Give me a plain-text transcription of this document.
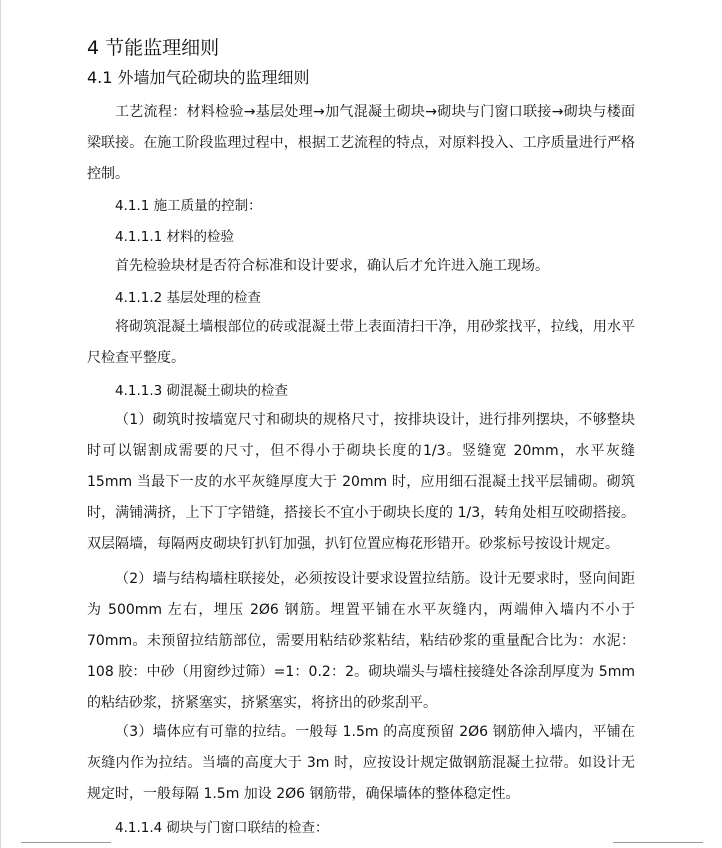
4 节能监理细则
4.1 外墙加气砼砌块的监理细则

工艺流程：材料检验→基层处理→加气混凝土砌块→砌块与门窗口联接→砌块与楼面梁联接。在施工阶段监理过程中，根据工艺流程的特点，对原料投入、工序质量进行严格控制。

4.1.1 施工质量的控制：
4.1.1.1 材料的检验

首先检验块材是否符合标准和设计要求，确认后才允许进入施工现场。

4.1.1.2 基层处理的检查

将砌筑混凝土墙根部位的砖或混凝土带上表面清扫干净，用砂浆找平，拉线，用水平尺检查平整度。

4.1.1.3 砌混凝土砌块的检查

（1）砌筑时按墙宽尺寸和砌块的规格尺寸，按排块设计，进行排列摆块，不够整块时可以锯割成需要的尺寸，但不得小于砌块长度的1/3。竖缝宽 20mm，水平灰缝 15mm 当最下一皮的水平灰缝厚度大于 20mm 时，应用细石混凝土找平层铺砌。砌筑时，满铺满挤，上下丁字错缝，搭接长不宜小于砌块长度的 1/3，转角处相互咬砌搭接。双层隔墙，每隔两皮砌块钉扒钉加强，扒钉位置应梅花形错开。砂浆标号按设计规定。

（2）墙与结构墙柱联接处，必须按设计要求设置拉结筋。设计无要求时，竖向间距为 500mm 左右，埋压 2Ø6 钢筋。埋置平铺在水平灰缝内，两端伸入墙内不小于 70mm。未预留拉结筋部位，需要用粘结砂浆粘结，粘结砂浆的重量配合比为：水泥：108 胶：中砂（用窗纱过筛）=1：0.2：2。砌块端头与墙柱接缝处各涂刮厚度为 5mm 的粘结砂浆，挤紧塞实，挤紧塞实，将挤出的砂浆刮平。

（3）墙体应有可靠的拉结。一般每 1.5m 的高度预留 2Ø6 钢筋伸入墙内，平铺在灰缝内作为拉结。当墙的高度大于 3m 时，应按设计规定做钢筋混凝土拉带。如设计无规定时，一般每隔 1.5m 加设 2Ø6 钢筋带，确保墙体的整体稳定性。

4.1.1.4 砌块与门窗口联结的检查：
